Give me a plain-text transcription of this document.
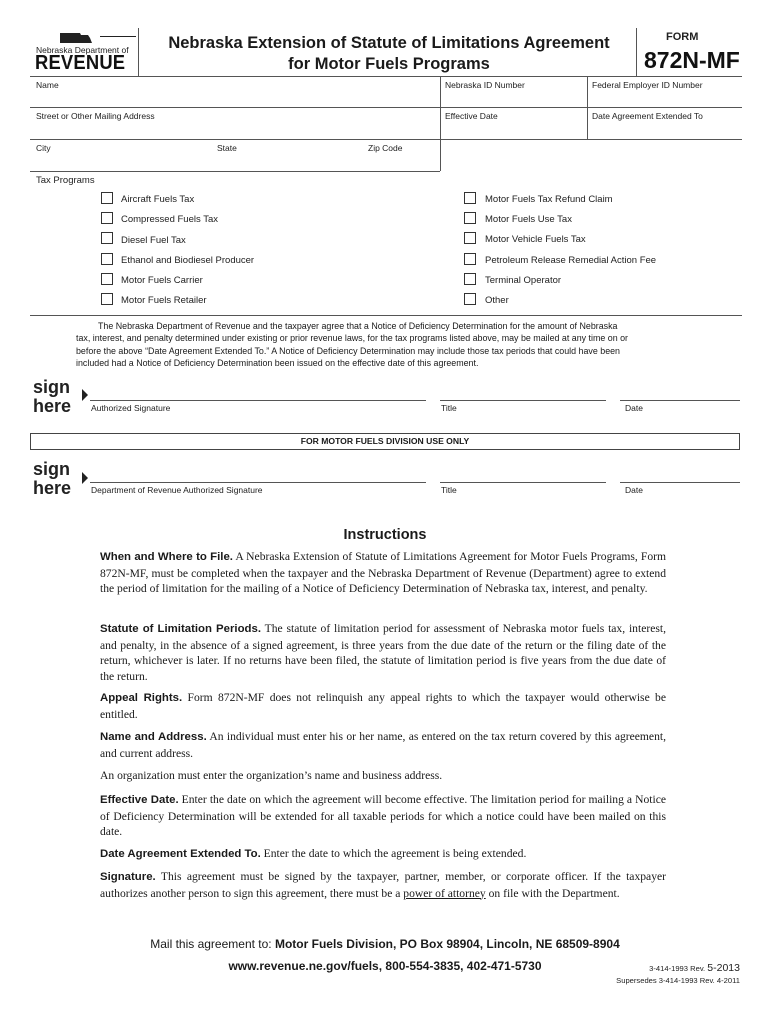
Nebraska Department of
REVENUE
Nebraska Extension of Statute of Limitations Agreement
for Motor Fuels Programs
FORM
872N-MF
Name	Nebraska ID Number	Federal Employer ID Number
Street or Other Mailing Address	Effective Date	Date Agreement Extended To
City	State	Zip Code
Tax Programs
Aircraft Fuels Tax
Compressed Fuels Tax
Diesel Fuel Tax
Ethanol and Biodiesel Producer
Motor Fuels Carrier
Motor Fuels Retailer
Motor Fuels Tax Refund Claim
Motor Fuels Use Tax
Motor Vehicle Fuels Tax
Petroleum Release Remedial Action Fee
Terminal Operator
Other
The Nebraska Department of Revenue and the taxpayer agree that a Notice of Deficiency Determination for the amount of Nebraska
tax, interest, and penalty determined under existing or prior revenue laws, for the tax programs listed above, may be mailed at any time on or
before the above “Date Agreement Extended To.” A Notice of Deficiency Determination may include those tax periods that could have been
included had a Notice of Deficiency Determination been issued on the effective date of this agreement.
sign
here Authorized Signature	Title	Date
FOR MOTOR FUELS DIVISION USE ONLY
sign
here Department of Revenue Authorized Signature	Title	Date
Instructions
When and Where to File. A Nebraska Extension of Statute of Limitations Agreement for Motor Fuels Programs, Form 872N-MF, must be completed when the taxpayer and the Nebraska Department of Revenue (Department) agree to extend the period of limitation for the mailing of a Notice of Deficiency Determination of Nebraska tax, interest, and penalty.
Statute of Limitation Periods. The statute of limitation period for assessment of Nebraska motor fuels tax, interest, and penalty, in the absence of a signed agreement, is three years from the due date of the return or the filing date of the return, whichever is later. If no returns have been filed, the statute of limitation period is five years from the due date of the return.
Appeal Rights. Form 872N-MF does not relinquish any appeal rights to which the taxpayer would otherwise be entitled.
Name and Address. An individual must enter his or her name, as entered on the tax return covered by this agreement, and current address.
An organization must enter the organization’s name and business address.
Effective Date. Enter the date on which the agreement will become effective. The limitation period for mailing a Notice of Deficiency Determination will be extended for all taxable periods for which a notice could have been mailed on this date.
Date Agreement Extended To. Enter the date to which the agreement is being extended.
Signature. This agreement must be signed by the taxpayer, partner, member, or corporate officer. If the taxpayer authorizes another person to sign this agreement, there must be a power of attorney on file with the Department.
Mail this agreement to: Motor Fuels Division, PO Box 98904, Lincoln, NE 68509-8904
www.revenue.ne.gov/fuels, 800-554-3835, 402-471-5730	3-414-1993 Rev. 5-2013
Supersedes 3-414-1993 Rev. 4-2011
